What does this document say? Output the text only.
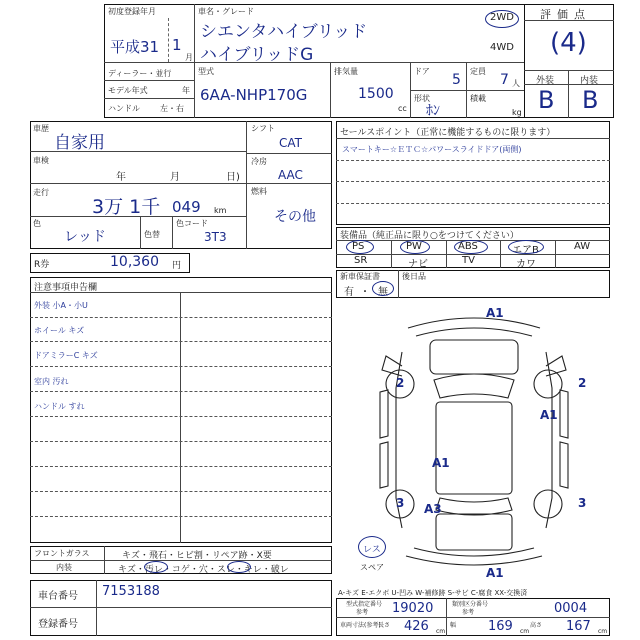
初度登録年月
平成31 1
月
車名・グレード
シエンタハイブリッド
ハイブリッドG
2WD
4WD
評価点
(4)
ディーラー・並行
モデル年式	年
ハンドル	左・右
型式
6AA-NHP170G
排気量
1500
cc
ドア
5
定員
7 人
形状
ﾎﾝ
積載
kg
外装	内装
B B
車歴
自家用
車検
年	月	日)
走行
3万 1千 049 km
色
レッド	色替
色コード
3T3
シフト
CAT
冷房
AAC
燃料
その他
R券	10,360 円
セールスポイント（正常に機能するものに限ります）
スマートキー☆ＥＴＣ☆パワースライドドア(両側)
装備品（純正品に限り○をつけてください）
PS	PW	ABS	エアB	AW
SR	ナビ	TV	カワ
新車保証書
有 ・ 無
後日品
注意事項申告欄
外装 小A・小U
ホイール キズ
ドアミラーC キズ
室内 汚れ
ハンドル すれ
A1
2	2
A1
A1
3 A3	3
A1
レス
スペア
A-キズ E-エクボ U-凹み W-補修跡 S-サビ C-腐食 XX-交換済
フロントガラス	キズ・飛石・ヒビ割・リペア跡・X要
内装	キズ・汚レ・コゲ・穴・スレ・キレ・破レ
車台番号 7153188
登録番号
型式指定番号
参考 19020	類別区分番号
参考	0004
車両寸法(参考)
長さ 426 cm
幅 169 cm
高さ 167 cm
